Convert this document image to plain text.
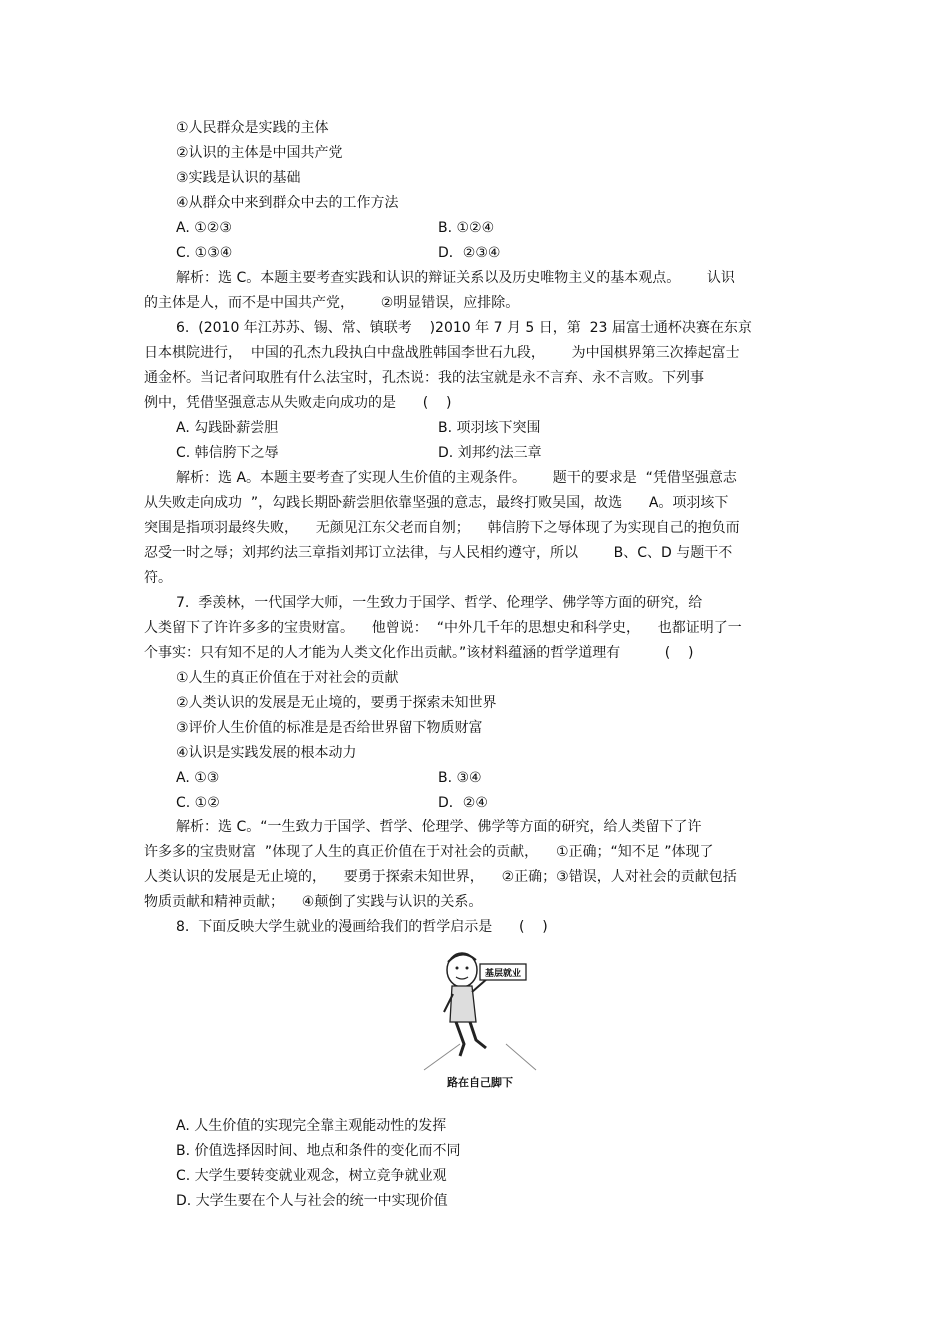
①人民群众是实践的主体
②认识的主体是中国共产党
③实践是认识的基础
④从群众中来到群众中去的工作方法
A. ①②③	B. ①②④
C. ①③④	D．②③④
解析：选 C。本题主要考查实践和认识的辩证关系以及历史唯物主义的基本观点。      认识
的主体是人，而不是中国共产党，      ②明显错误，应排除。
6.  (2010 年江苏苏、锡、常、镇联考    )2010 年 7 月 5 日，第  23 届富士通杯决赛在东京
日本棋院进行，  中国的孔杰九段执白中盘战胜韩国李世石九段，      为中国棋界第三次捧起富士
通金杯。当记者问取胜有什么法宝时，孔杰说：我的法宝就是永不言弃、永不言败。下列事
例中，凭借坚强意志从失败走向成功的是      (    )
A. 勾践卧薪尝胆	B. 项羽垓下突围
C. 韩信胯下之辱	D. 刘邦约法三章
解析：选 A。本题主要考查了实现人生价值的主观条件。      题干的要求是  “凭借坚强意志
从失败走向成功  ”，勾践长期卧薪尝胆依靠坚强的意志，最终打败吴国，故选      A。项羽垓下
突围是指项羽最终失败，    无颜见江东父老而自刎；    韩信胯下之辱体现了为实现自己的抱负而
忍受一时之辱；刘邦约法三章指刘邦订立法律，与人民相约遵守，所以        B、C、D 与题干不
符。
7.  季羡林，一代国学大师，一生致力于国学、哲学、伦理学、佛学等方面的研究，给
人类留下了许许多多的宝贵财富。    他曾说：  “中外几千年的思想史和科学史，    也都证明了一
个事实：只有知不足的人才能为人类文化作出贡献。”该材料蕴涵的哲学道理有          (    )
①人生的真正价值在于对社会的贡献
②人类认识的发展是无止境的，要勇于探索未知世界
③评价人生价值的标准是是否给世界留下物质财富
④认识是实践发展的根本动力
A. ①③	B. ③④
C. ①②	D．②④
解析：选 C。“一生致力于国学、哲学、伦理学、佛学等方面的研究，给人类留下了许
许多多的宝贵财富  ”体现了人生的真正价值在于对社会的贡献，    ①正确；“知不足 ”体现了
人类认识的发展是无止境的，    要勇于探索未知世界，    ②正确；③错误，人对社会的贡献包括
物质贡献和精神贡献；    ④颠倒了实践与认识的关系。
8.  下面反映大学生就业的漫画给我们的哲学启示是      (    )
基层就业
路在自己脚下
A. 人生价值的实现完全靠主观能动性的发挥
B. 价值选择因时间、地点和条件的变化而不同
C. 大学生要转变就业观念，树立竞争就业观
D. 大学生要在个人与社会的统一中实现价值
